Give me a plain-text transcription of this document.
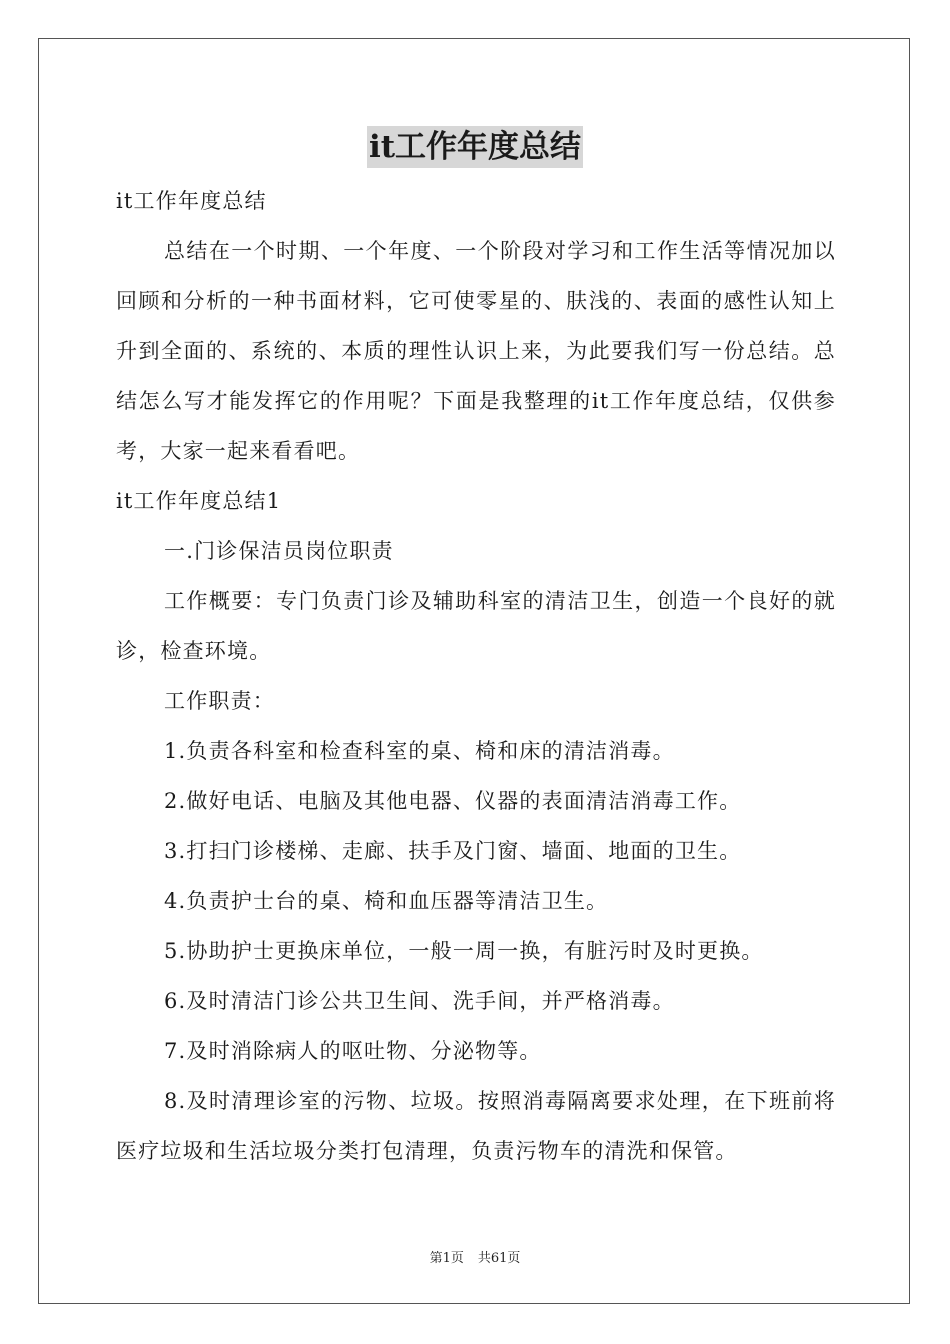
it工作年度总结

it工作年度总结

总结在一个时期、一个年度、一个阶段对学习和工作生活等情况加以回顾和分析的一种书面材料，它可使零星的、肤浅的、表面的感性认知上升到全面的、系统的、本质的理性认识上来，为此要我们写一份总结。总结怎么写才能发挥它的作用呢？下面是我整理的it工作年度总结，仅供参考，大家一起来看看吧。

it工作年度总结1

一.门诊保洁员岗位职责

工作概要：专门负责门诊及辅助科室的清洁卫生，创造一个良好的就诊，检查环境。

工作职责：

1.负责各科室和检查科室的桌、椅和床的清洁消毒。

2.做好电话、电脑及其他电器、仪器的表面清洁消毒工作。

3.打扫门诊楼梯、走廊、扶手及门窗、墙面、地面的卫生。

4.负责护士台的桌、椅和血压器等清洁卫生。

5.协助护士更换床单位，一般一周一换，有脏污时及时更换。

6.及时清洁门诊公共卫生间、洗手间，并严格消毒。

7.及时消除病人的呕吐物、分泌物等。

8.及时清理诊室的污物、垃圾。按照消毒隔离要求处理，在下班前将医疗垃圾和生活垃圾分类打包清理，负责污物车的清洗和保管。

第1页 共61页
